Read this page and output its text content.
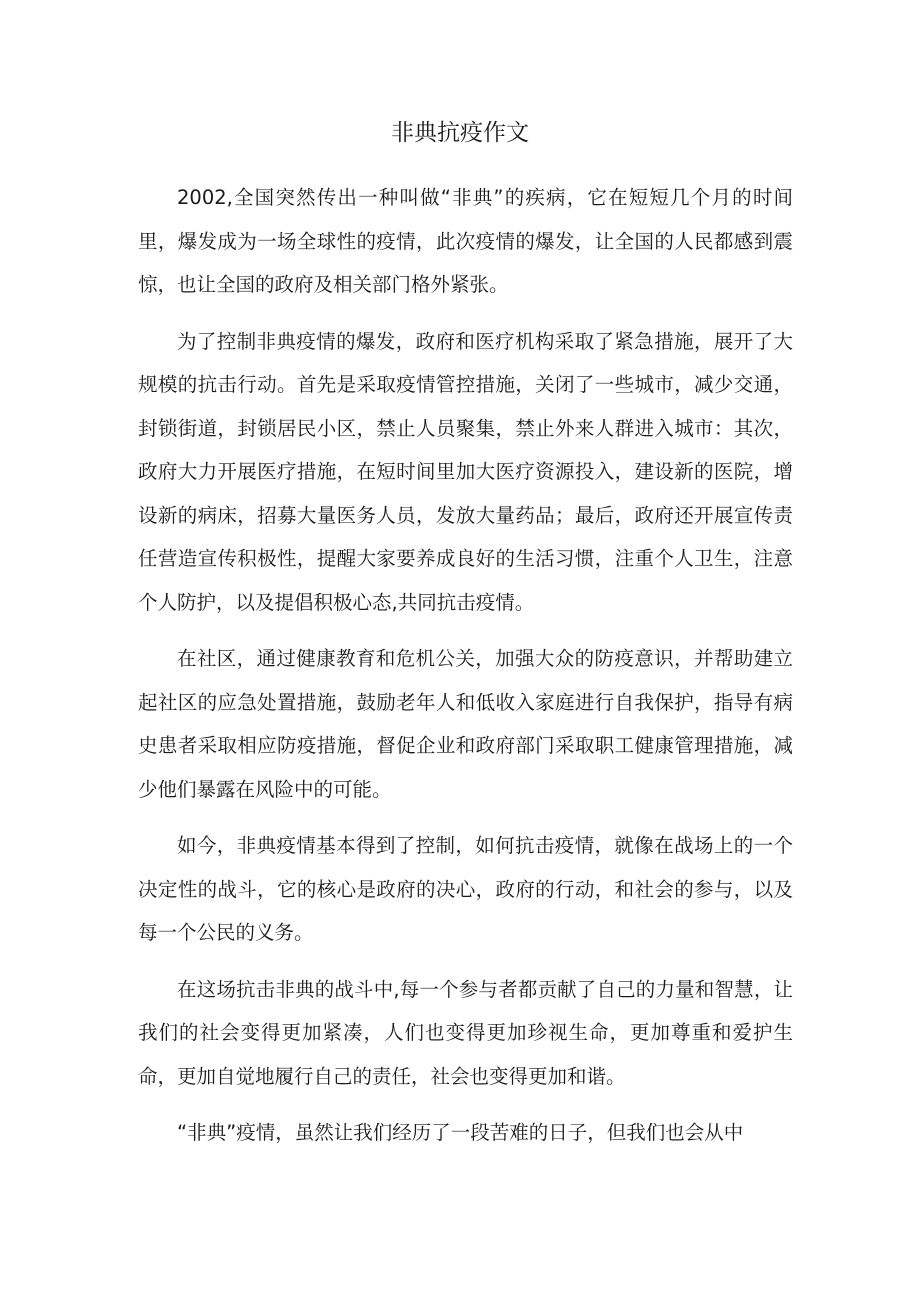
非典抗疫作文

2002,全国突然传出一种叫做“非典”的疾病，它在短短几个月的时间里，爆发成为一场全球性的疫情，此次疫情的爆发，让全国的人民都感到震惊，也让全国的政府及相关部门格外紧张。

为了控制非典疫情的爆发，政府和医疗机构采取了紧急措施，展开了大规模的抗击行动。首先是采取疫情管控措施，关闭了一些城市，减少交通，封锁街道，封锁居民小区，禁止人员聚集，禁止外来人群进入城市：其次，政府大力开展医疗措施，在短时间里加大医疗资源投入，建设新的医院，增设新的病床，招募大量医务人员，发放大量药品；最后，政府还开展宣传责任营造宣传积极性，提醒大家要养成良好的生活习惯，注重个人卫生，注意个人防护，以及提倡积极心态,共同抗击疫情。

在社区，通过健康教育和危机公关，加强大众的防疫意识，并帮助建立起社区的应急处置措施，鼓励老年人和低收入家庭进行自我保护，指导有病史患者采取相应防疫措施，督促企业和政府部门采取职工健康管理措施，减少他们暴露在风险中的可能。

如今，非典疫情基本得到了控制，如何抗击疫情，就像在战场上的一个决定性的战斗，它的核心是政府的决心，政府的行动，和社会的参与，以及每一个公民的义务。

在这场抗击非典的战斗中,每一个参与者都贡献了自己的力量和智慧，让我们的社会变得更加紧凑，人们也变得更加珍视生命，更加尊重和爱护生命，更加自觉地履行自己的责任，社会也变得更加和谐。

“非典”疫情，虽然让我们经历了一段苦难的日子，但我们也会从中
